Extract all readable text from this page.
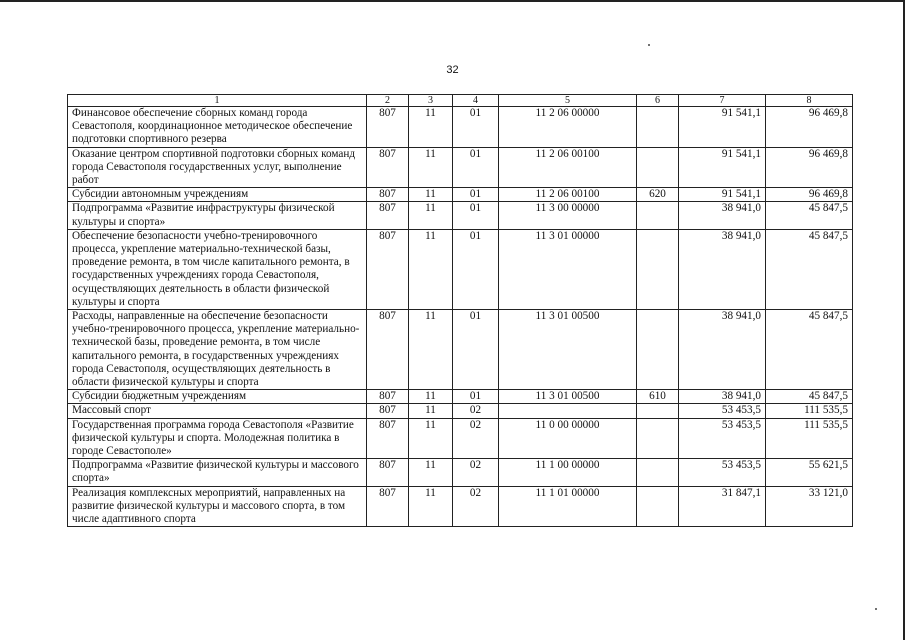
32
1	2	3	4	5	6	7	8
Финансовое обеспечение сборных команд города Севастополя, координационное методическое обеспечение подготовки спортивного резерва	807	11	01	11 2 06 00000		91 541,1	96 469,8
Оказание центром спортивной подготовки сборных команд города Севастополя государственных услуг, выполнение работ	807	11	01	11 2 06 00100		91 541,1	96 469,8
Субсидии автономным учреждениям	807	11	01	11 2 06 00100	620	91 541,1	96 469,8
Подпрограмма «Развитие инфраструктуры физической культуры и спорта»	807	11	01	11 3 00 00000		38 941,0	45 847,5
Обеспечение безопасности учебно-тренировочного процесса, укрепление материально-технической базы, проведение ремонта, в том числе капитального ремонта, в государственных учреждениях города Севастополя, осуществляющих деятельность в области физической культуры и спорта	807	11	01	11 3 01 00000		38 941,0	45 847,5
Расходы, направленные на обеспечение безопасности учебно-тренировочного процесса, укрепление материально-технической базы, проведение ремонта, в том числе капитального ремонта, в государственных учреждениях города Севастополя, осуществляющих деятельность в области физической культуры и спорта	807	11	01	11 3 01 00500		38 941,0	45 847,5
Субсидии бюджетным учреждениям	807	11	01	11 3 01 00500	610	38 941,0	45 847,5
Массовый спорт	807	11	02			53 453,5	111 535,5
Государственная программа города Севастополя «Развитие физической культуры и спорта. Молодежная политика в городе Севастополе»	807	11	02	11 0 00 00000		53 453,5	111 535,5
Подпрограмма «Развитие физической культуры и массового спорта»	807	11	02	11 1 00 00000		53 453,5	55 621,5
Реализация комплексных мероприятий, направленных на развитие физической культуры и массового спорта, в том числе адаптивного спорта	807	11	02	11 1 01 00000		31 847,1	33 121,0
